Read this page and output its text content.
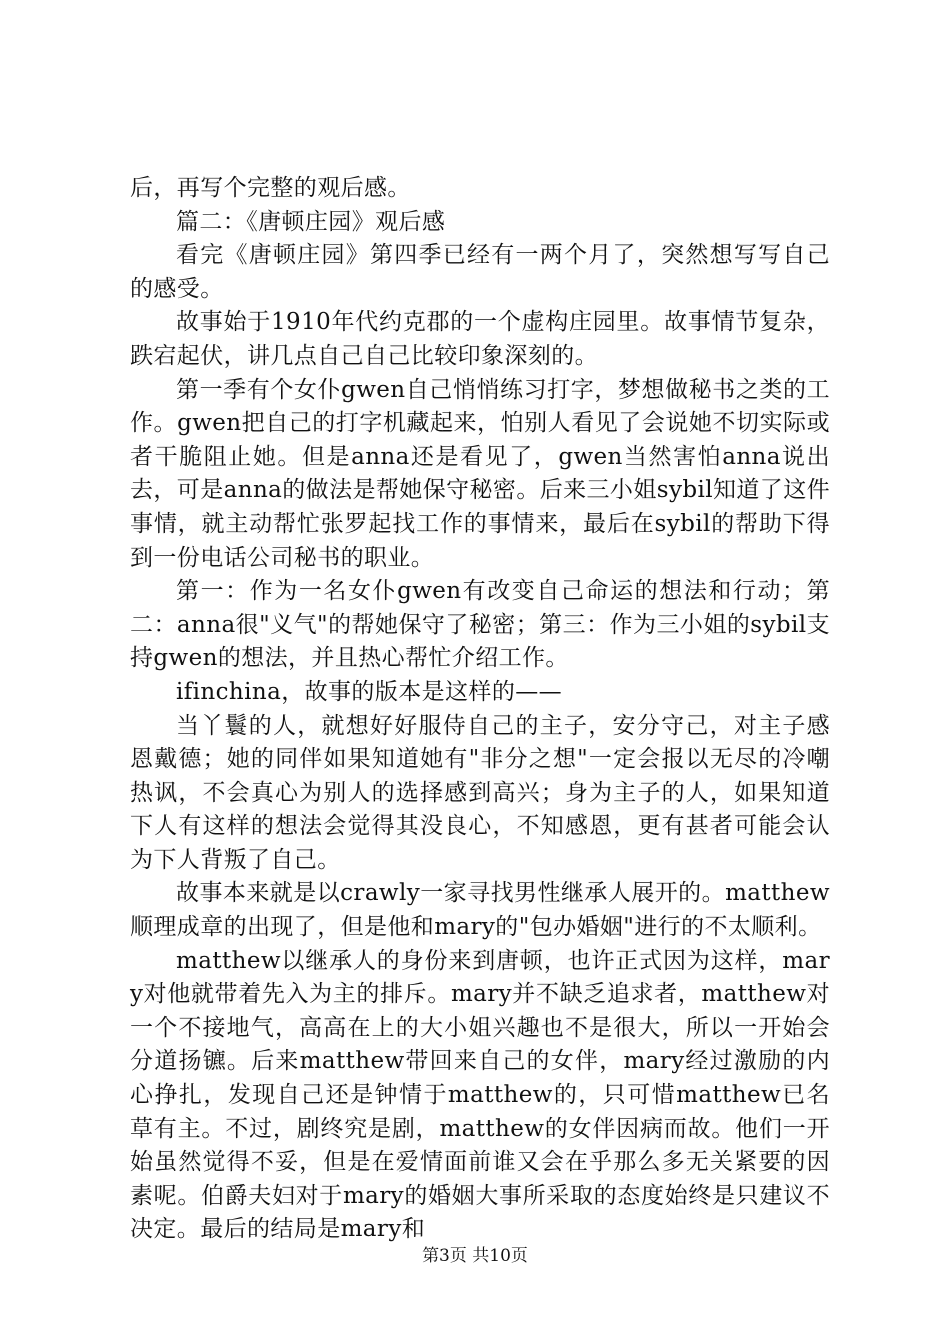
后，再写个完整的观后感。

篇二：《唐顿庄园》观后感

看完《唐顿庄园》第四季已经有一两个月了，突然想写写自己的感受。

故事始于1910年代约克郡的一个虚构庄园里。故事情节复杂，跌宕起伏，讲几点自己自己比较印象深刻的。

第一季有个女仆gwen自己悄悄练习打字，梦想做秘书之类的工作。gwen把自己的打字机藏起来，怕别人看见了会说她不切实际或者干脆阻止她。但是anna还是看见了，gwen当然害怕anna说出去，可是anna的做法是帮她保守秘密。后来三小姐sybil知道了这件事情，就主动帮忙张罗起找工作的事情来，最后在sybil的帮助下得到一份电话公司秘书的职业。

第一：作为一名女仆gwen有改变自己命运的想法和行动；第二：anna很"义气"的帮她保守了秘密；第三：作为三小姐的sybil支持gwen的想法，并且热心帮忙介绍工作。

ifinchina，故事的版本是这样的——

当丫鬟的人，就想好好服侍自己的主子，安分守己，对主子感恩戴德；她的同伴如果知道她有"非分之想"一定会报以无尽的冷嘲热讽，不会真心为别人的选择感到高兴；身为主子的人，如果知道下人有这样的想法会觉得其没良心，不知感恩，更有甚者可能会认为下人背叛了自己。

故事本来就是以crawly一家寻找男性继承人展开的。matthew顺理成章的出现了，但是他和mary的"包办婚姻"进行的不太顺利。

matthew以继承人的身份来到唐顿，也许正式因为这样，mary对他就带着先入为主的排斥。mary并不缺乏追求者，matthew对一个不接地气，高高在上的大小姐兴趣也不是很大，所以一开始会分道扬镳。后来matthew带回来自己的女伴，mary经过激励的内心挣扎，发现自己还是钟情于matthew的，只可惜matthew已名草有主。不过，剧终究是剧，matthew的女伴因病而故。他们一开始虽然觉得不妥，但是在爱情面前谁又会在乎那么多无关紧要的因素呢。伯爵夫妇对于mary的婚姻大事所采取的态度始终是只建议不决定。最后的结局是mary和

第3页 共10页
